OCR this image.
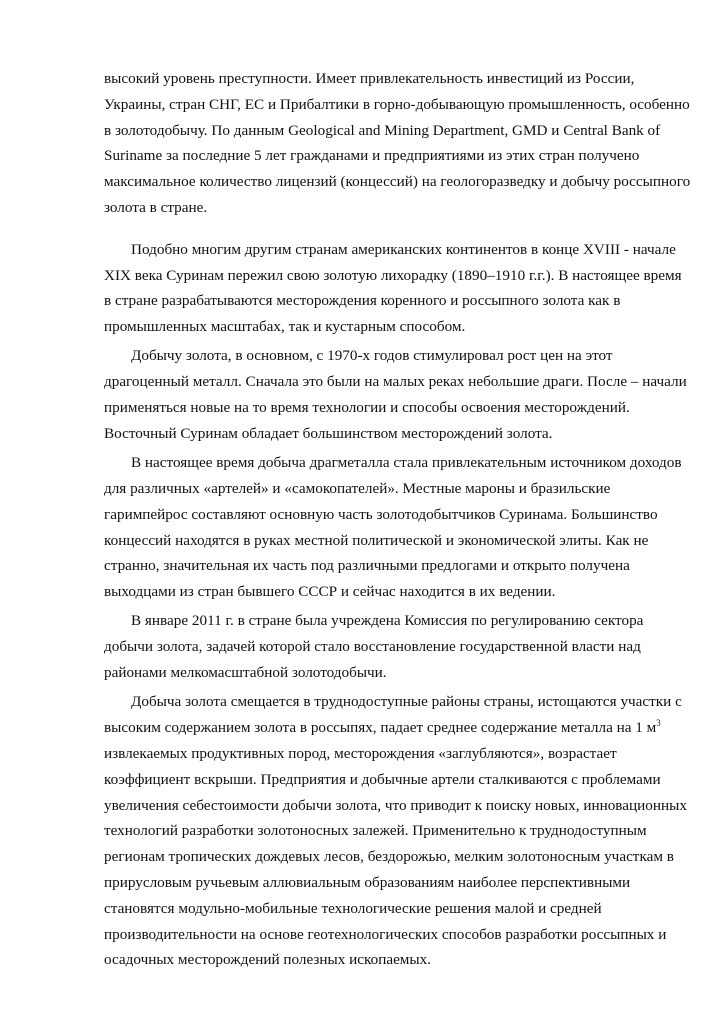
высокий уровень преступности. Имеет привлекательность инвестиций из России,
Украины, стран СНГ, ЕС и Прибалтики в горно-добывающую промышленность, особенно
в золотодобычу. По данным Geological and Mining Department, GMD и Central Bank of
Suriname за последние 5 лет гражданами и предприятиями из этих стран получено
максимальное количество лицензий (концессий) на геологоразведку и добычу россыпного
золота в стране.

Подобно многим другим странам американских континентов в конце XVIII - начале
XIX века Суринам пережил свою золотую лихорадку (1890–1910 г.г.). В настоящее время
в стране разрабатываются месторождения коренного и россыпного золота как в
промышленных масштабах, так и кустарным способом.

Добычу золота, в основном, с 1970-х годов стимулировал рост цен на этот
драгоценный металл. Сначала это были на малых реках небольшие драги. После – начали
применяться новые на то время технологии и способы освоения месторождений.
Восточный Суринам обладает большинством месторождений золота.

В настоящее время добыча драгметалла стала привлекательным источником доходов
для различных «артелей» и «самокопателей». Местные мароны и бразильские
гаримпейрос составляют основную часть золотодобытчиков Суринама. Большинство
концессий находятся в руках местной политической и экономической элиты. Как не
странно, значительная их часть под различными предлогами и открыто получена
выходцами из стран бывшего СССР и сейчас находится в их ведении.

В январе 2011 г. в стране была учреждена Комиссия по регулированию сектора
добычи золота, задачей которой стало восстановление государственной власти над
районами мелкомасштабной золотодобычи.

Добыча золота смещается в труднодоступные районы страны, истощаются участки с
высоким содержанием золота в россыпях, падает среднее содержание металла на 1 $м^3$
извлекаемых продуктивных пород, месторождения «заглубляются», возрастает
коэффициент вскрыши. Предприятия и добычные артели сталкиваются с проблемами
увеличения себестоимости добычи золота, что приводит к поиску новых, инновационных
технологий разработки золотоносных залежей. Применительно к труднодоступным
регионам тропических дождевых лесов, бездорожью, мелким золотоносным участкам в
прирусловым ручьевым аллювиальным образованиям наиболее перспективными
становятся модульно-мобильные технологические решения малой и средней
производительности на основе геотехнологических способов разработки россыпных и
осадочных месторождений полезных ископаемых.
